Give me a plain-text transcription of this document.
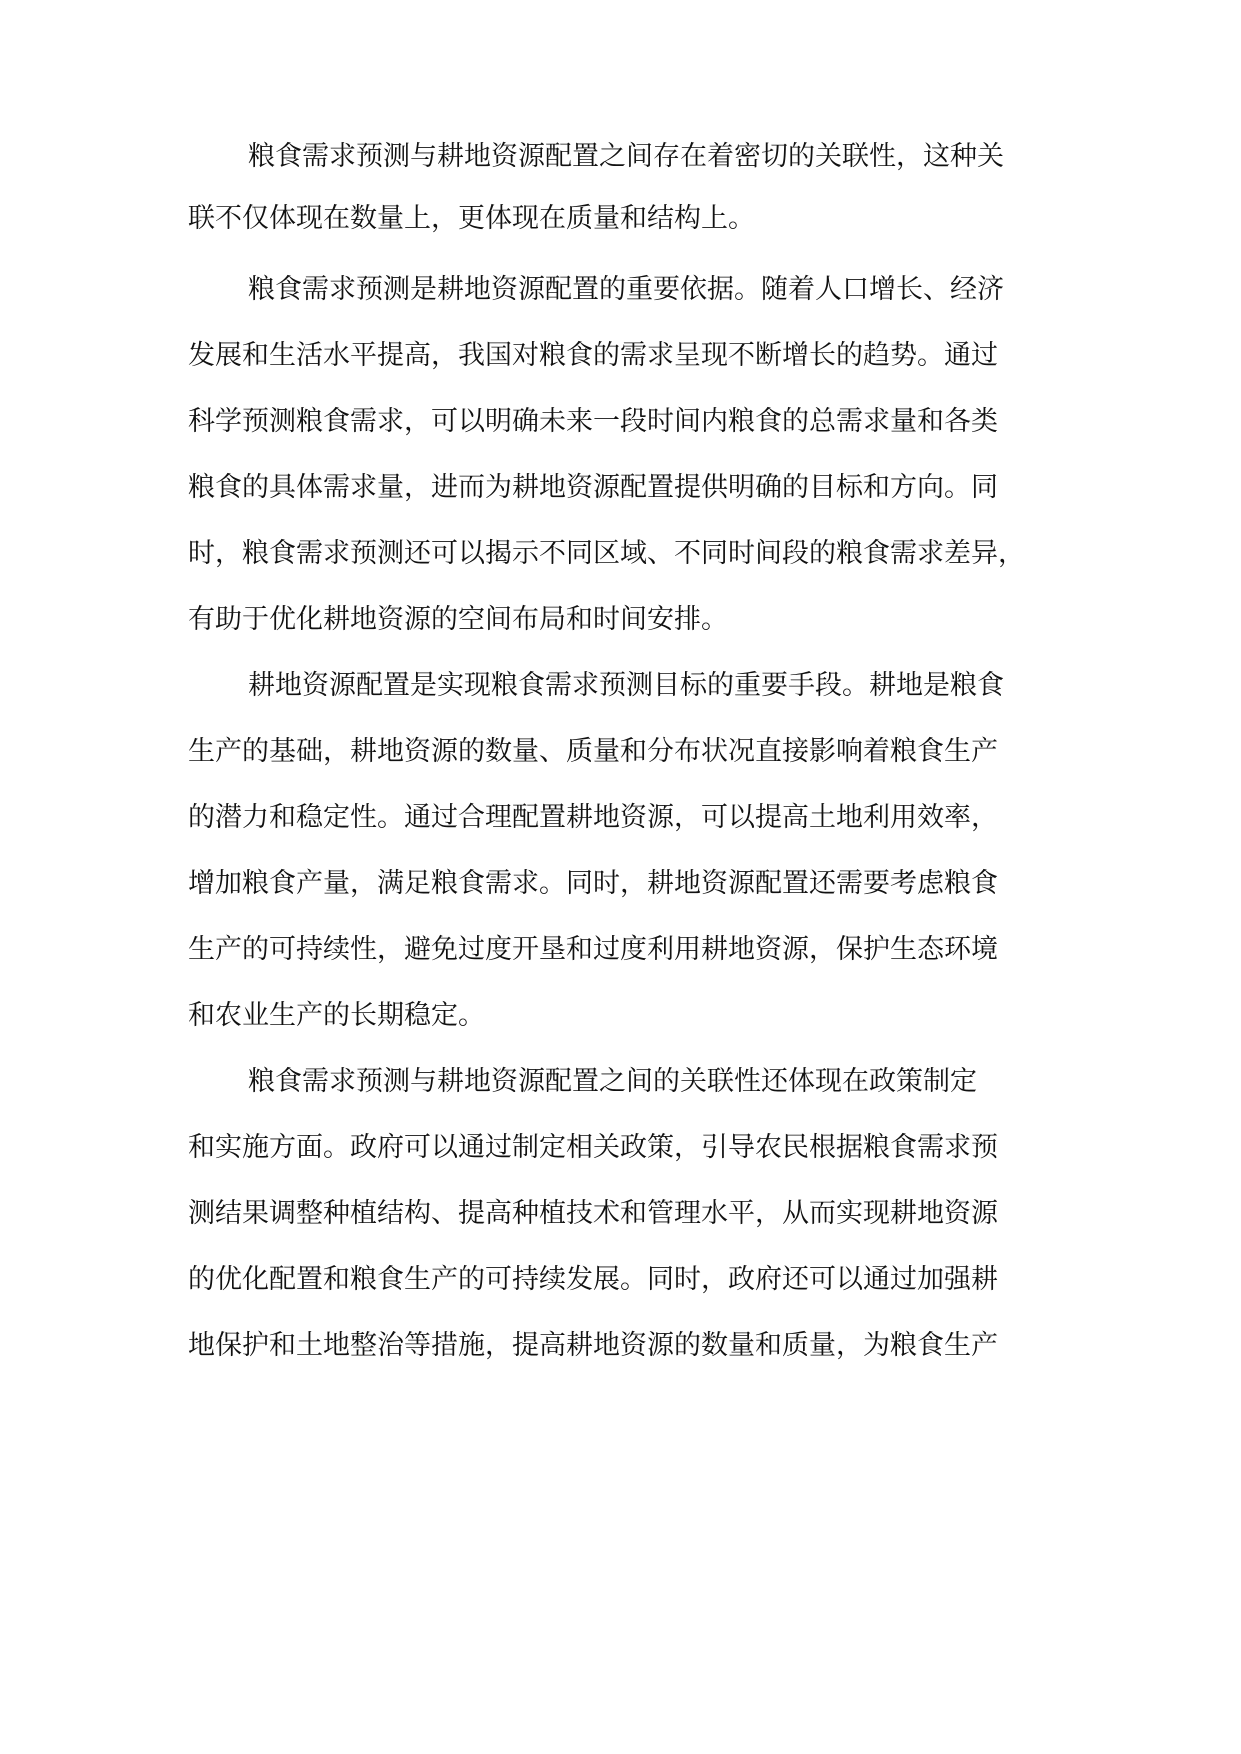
粮食需求预测与耕地资源配置之间存在着密切的关联性，这种关

联不仅体现在数量上，更体现在质量和结构上。

粮食需求预测是耕地资源配置的重要依据。随着人口增长、经济

发展和生活水平提高，我国对粮食的需求呈现不断增长的趋势。通过

科学预测粮食需求，可以明确未来一段时间内粮食的总需求量和各类

粮食的具体需求量，进而为耕地资源配置提供明确的目标和方向。同

时，粮食需求预测还可以揭示不同区域、不同时间段的粮食需求差异，

有助于优化耕地资源的空间布局和时间安排。

耕地资源配置是实现粮食需求预测目标的重要手段。耕地是粮食

生产的基础，耕地资源的数量、质量和分布状况直接影响着粮食生产

的潜力和稳定性。通过合理配置耕地资源，可以提高土地利用效率，

增加粮食产量，满足粮食需求。同时，耕地资源配置还需要考虑粮食

生产的可持续性，避免过度开垦和过度利用耕地资源，保护生态环境

和农业生产的长期稳定。

粮食需求预测与耕地资源配置之间的关联性还体现在政策制定

和实施方面。政府可以通过制定相关政策，引导农民根据粮食需求预

测结果调整种植结构、提高种植技术和管理水平，从而实现耕地资源

的优化配置和粮食生产的可持续发展。同时，政府还可以通过加强耕

地保护和土地整治等措施，提高耕地资源的数量和质量，为粮食生产
